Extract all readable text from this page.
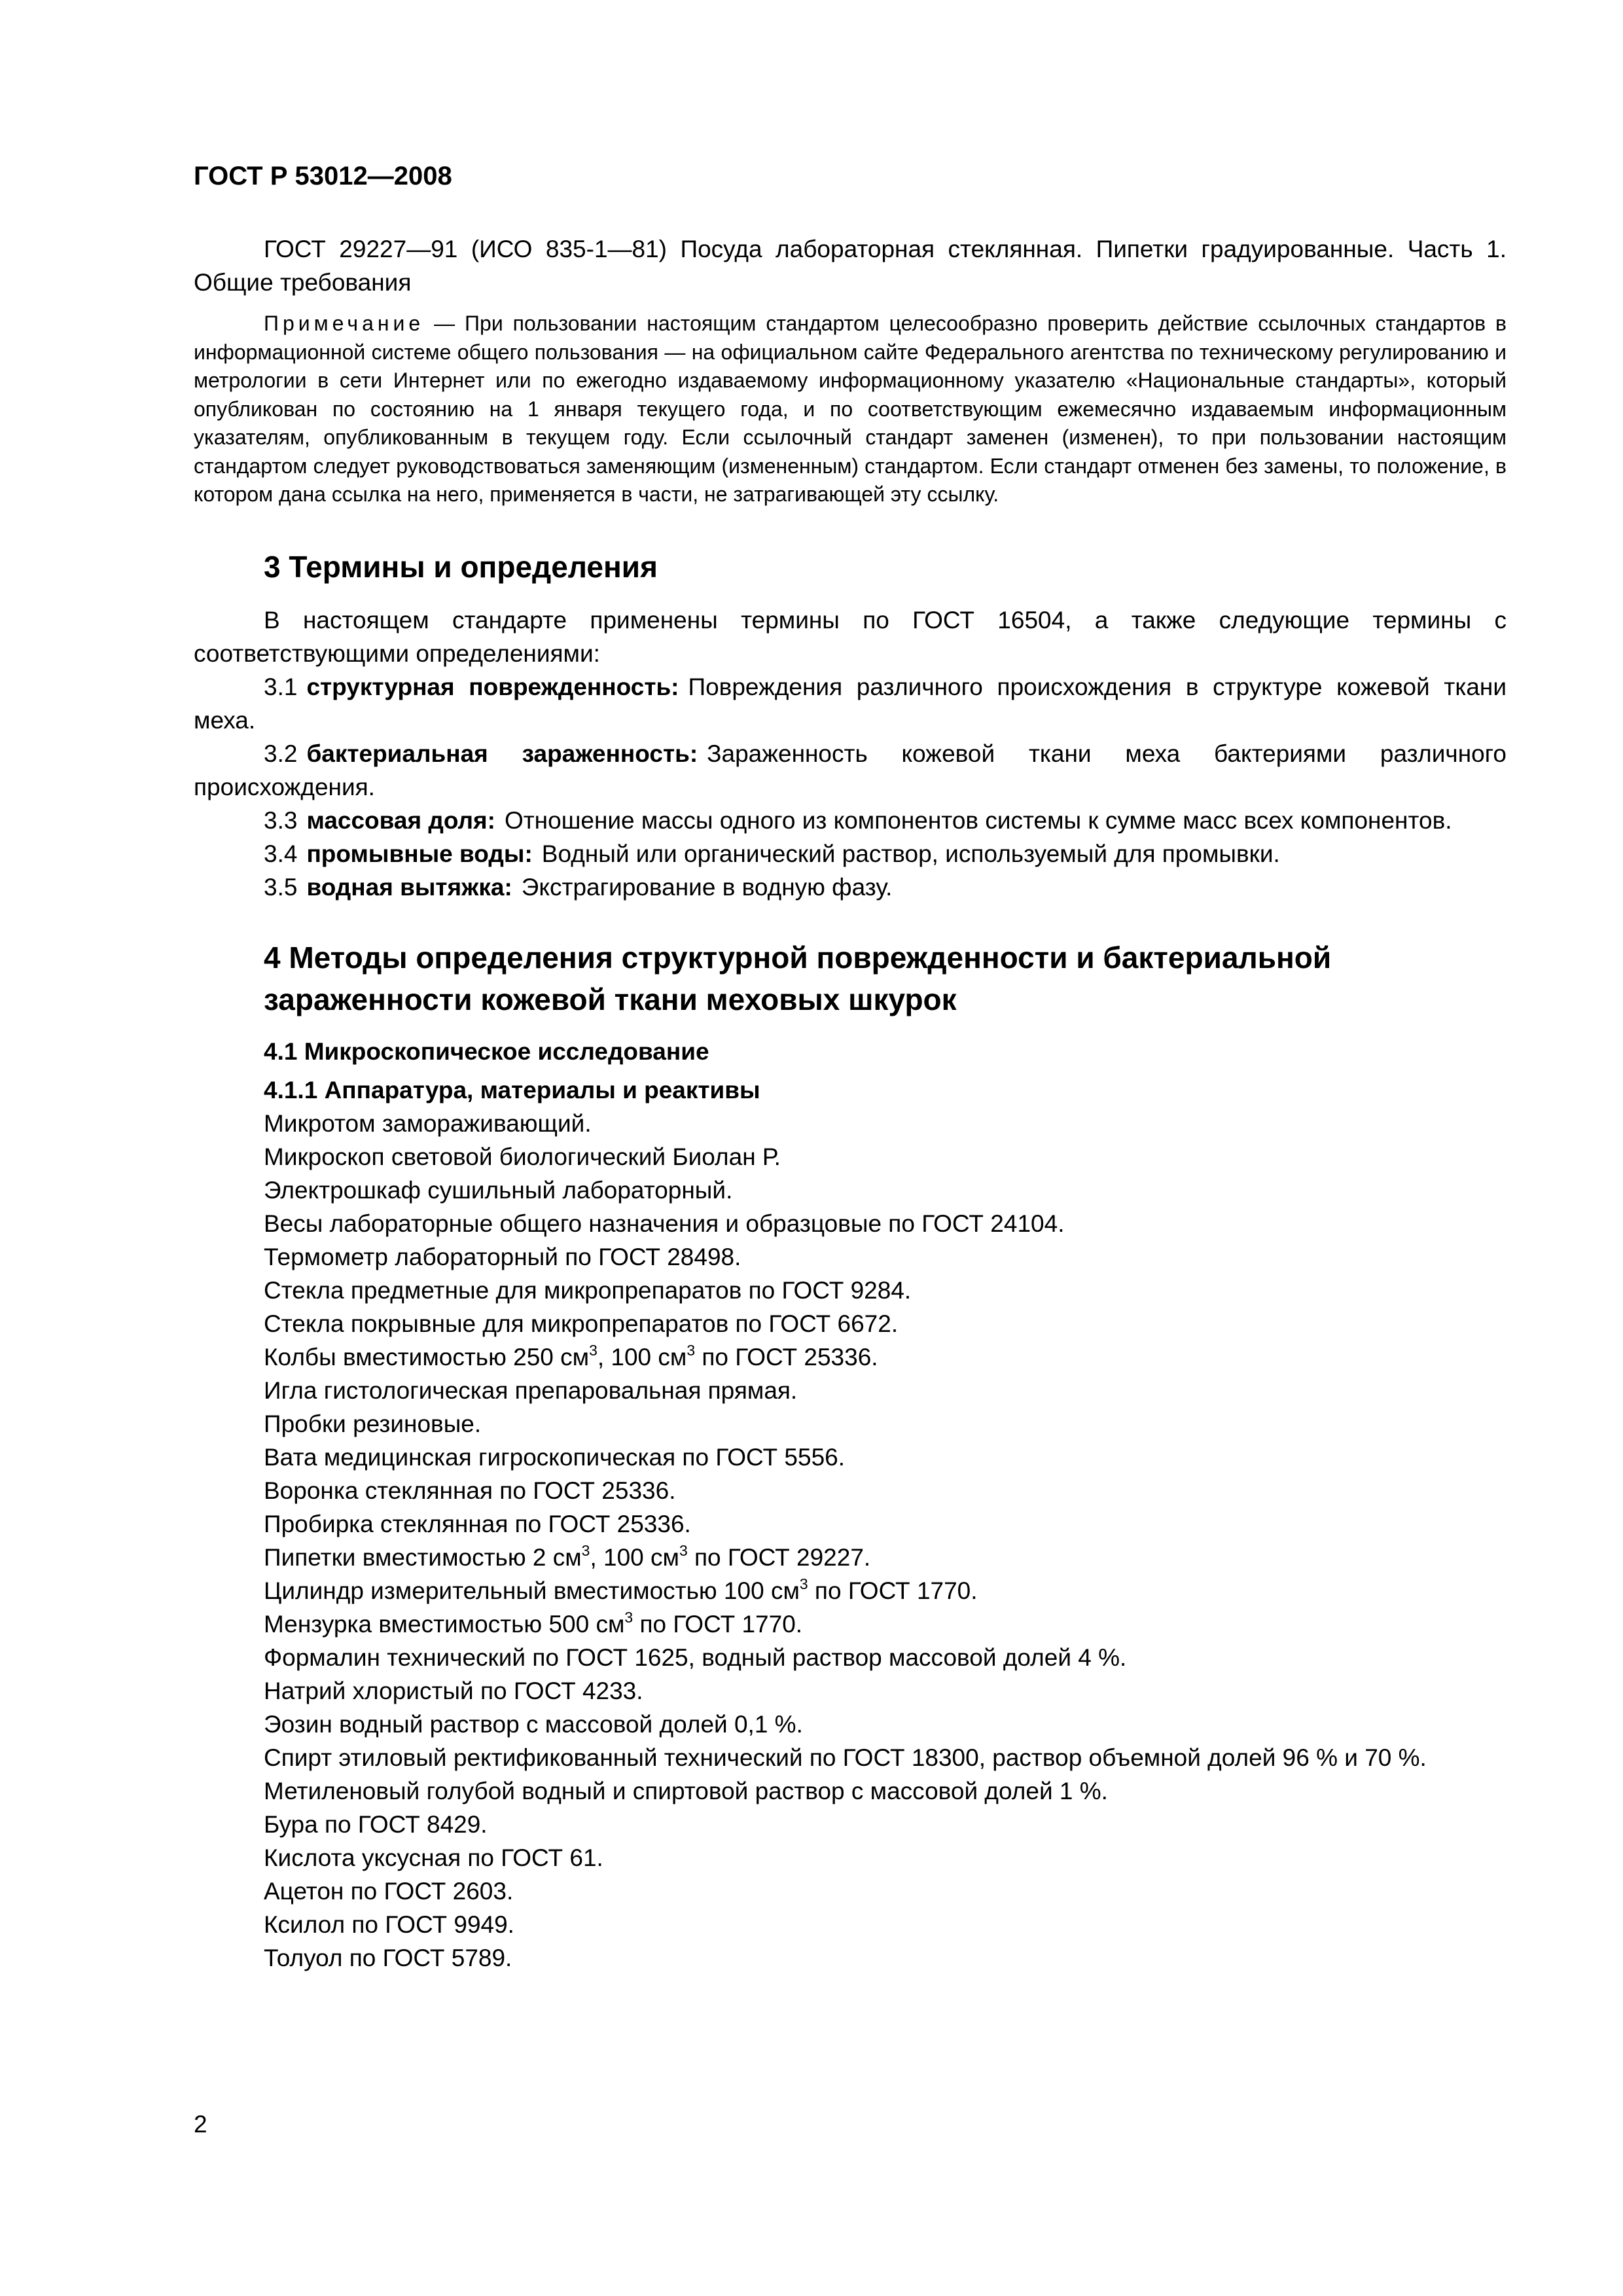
ГОСТ Р 53012—2008

ГОСТ 29227—91 (ИСО 835-1—81) Посуда лабораторная стеклянная. Пипетки градуированные. Часть 1. Общие требования

Примечание — При пользовании настоящим стандартом целесообразно проверить действие ссылочных стандартов в информационной системе общего пользования — на официальном сайте Федерального агентства по техническому регулированию и метрологии в сети Интернет или по ежегодно издаваемому информационному указателю «Национальные стандарты», который опубликован по состоянию на 1 января текущего года, и по соответствующим ежемесячно издаваемым информационным указателям, опубликованным в текущем году. Если ссылочный стандарт заменен (изменен), то при пользовании настоящим стандартом следует руководствоваться заменяющим (измененным) стандартом. Если стандарт отменен без замены, то положение, в котором дана ссылка на него, применяется в части, не затрагивающей эту ссылку.
3 Термины и определения

В настоящем стандарте применены термины по ГОСТ 16504, а также следующие термины с соответствующими определениями:

3.1 структурная поврежденность: Повреждения различного происхождения в структуре кожевой ткани меха.

3.2 бактериальная зараженность: Зараженность кожевой ткани меха бактериями различного происхождения.

3.3 массовая доля: Отношение массы одного из компонентов системы к сумме масс всех компонентов.

3.4 промывные воды: Водный или органический раствор, используемый для промывки.

3.5 водная вытяжка: Экстрагирование в водную фазу.

4 Методы определения структурной поврежденности и бактериальной зараженности кожевой ткани меховых шкурок
4.1 Микроскопическое исследование
4.1.1 Аппаратура, материалы и реактивы

Микротом замораживающий.

Микроскоп световой биологический Биолан Р.

Электрошкаф сушильный лабораторный.

Весы лабораторные общего назначения и образцовые по ГОСТ 24104.

Термометр лабораторный по ГОСТ 28498.

Стекла предметные для микропрепаратов по ГОСТ 9284.

Стекла покрывные для микропрепаратов по ГОСТ 6672.

Колбы вместимостью 250 $см^3$, 100 $см^3$ по ГОСТ 25336.

Игла гистологическая препаровальная прямая.

Пробки резиновые.

Вата медицинская гигроскопическая по ГОСТ 5556.

Воронка стеклянная по ГОСТ 25336.

Пробирка стеклянная по ГОСТ 25336.

Пипетки вместимостью 2 $см^3$, 100 $см^3$ по ГОСТ 29227.

Цилиндр измерительный вместимостью 100 $см^3$ по ГОСТ 1770.

Мензурка вместимостью 500 $см^3$ по ГОСТ 1770.

Формалин технический по ГОСТ 1625, водный раствор массовой долей 4 %.

Натрий хлористый по ГОСТ 4233.

Эозин водный раствор с массовой долей 0,1 %.

Спирт этиловый ректификованный технический по ГОСТ 18300, раствор объемной долей 96 % и 70 %.

Метиленовый голубой водный и спиртовой раствор с массовой долей 1 %.

Бура по ГОСТ 8429.

Кислота уксусная по ГОСТ 61.

Ацетон по ГОСТ 2603.

Ксилол по ГОСТ 9949.

Толуол по ГОСТ 5789.

2
